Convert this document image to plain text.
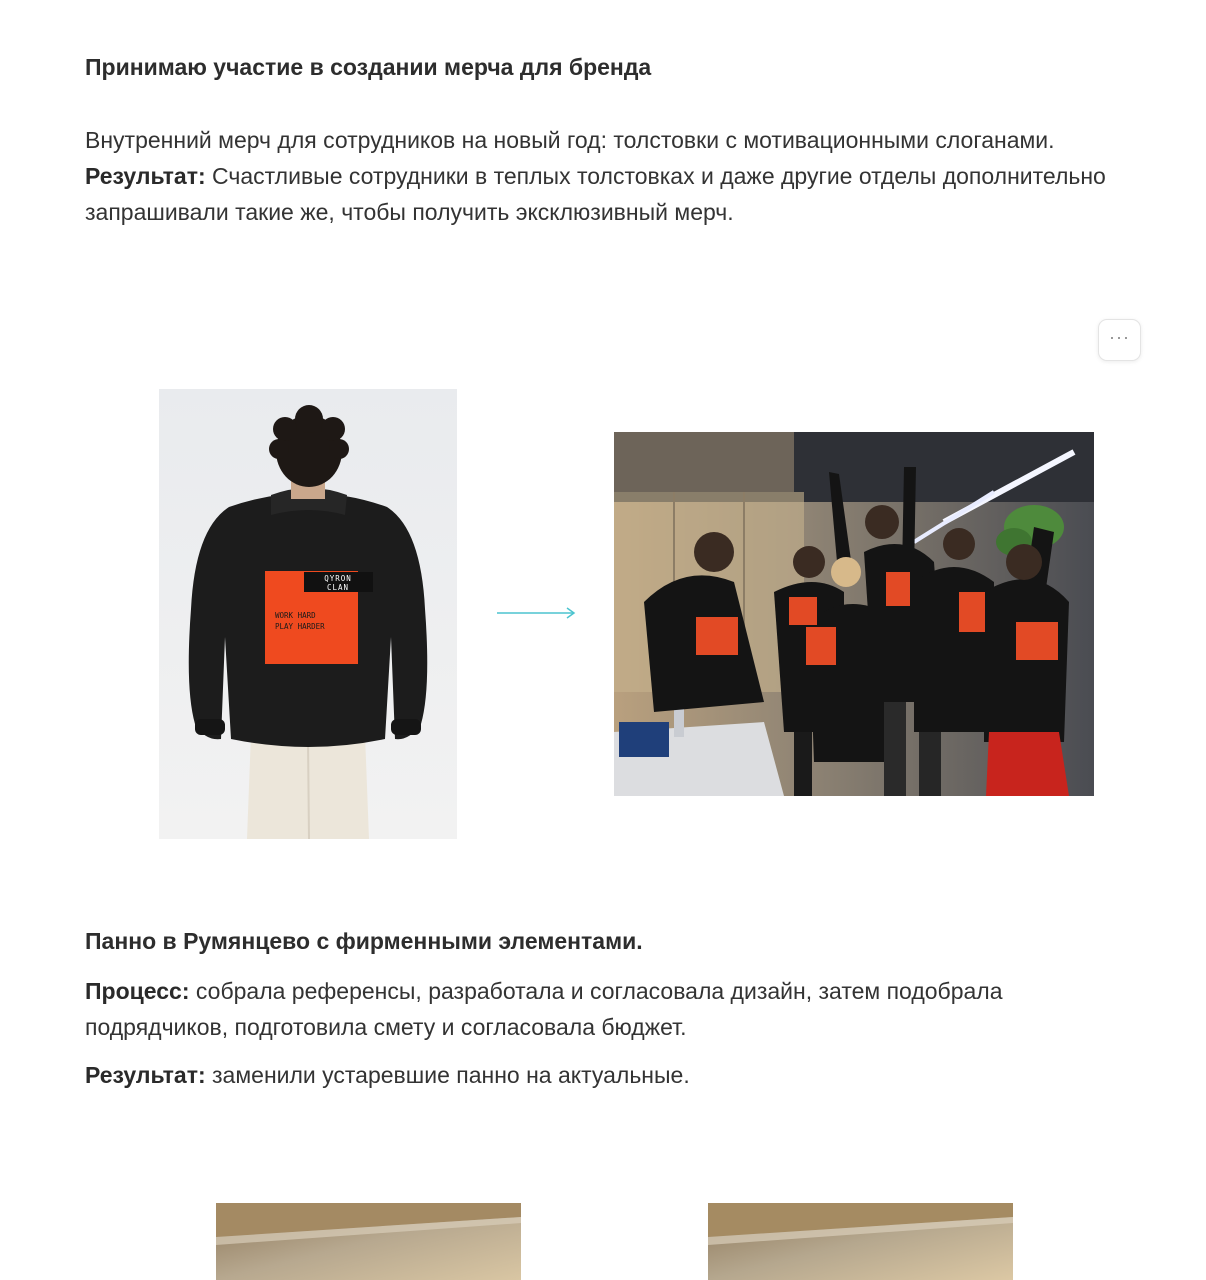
Принимаю участие в создании мерча для бренда

Внутренний мерч для сотрудников на новый год: толстовки с мотивационными слоганами.
Результат: Счастливые сотрудники в теплых толстовках и даже другие отделы дополнительно запрашивали такие же, чтобы получить эксклюзивный мерч.

···
QYRON
CLAN
WORK HARD
PLAY HARDER
Панно в Румянцево с фирменными элементами.

Процесс: собрала референсы, разработала и согласовала дизайн, затем подобрала подрядчиков, подготовила смету и согласовала бюджет.

Результат: заменили устаревшие панно на актуальные.
